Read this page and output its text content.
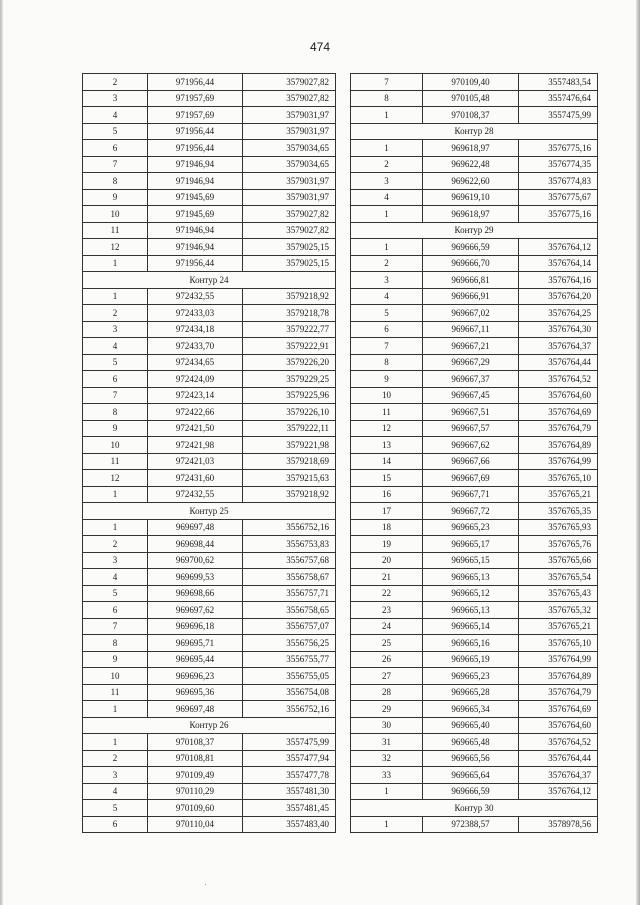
474
2	971956,44	3579027,82
3	971957,69	3579027,82
4	971957,69	3579031,97
5	971956,44	3579031,97
6	971956,44	3579034,65
7	971946,94	3579034,65
8	971946,94	3579031,97
9	971945,69	3579031,97
10	971945,69	3579027,82
11	971946,94	3579027,82
12	971946,94	3579025,15
1	971956,44	3579025,15
Контур 24		
1	972432,55	3579218,92
2	972433,03	3579218,78
3	972434,18	3579222,77
4	972433,70	3579222,91
5	972434,65	3579226,20
6	972424,09	3579229,25
7	972423,14	3579225,96
8	972422,66	3579226,10
9	972421,50	3579222,11
10	972421,98	3579221,98
11	972421,03	3579218,69
12	972431,60	3579215,63
1	972432,55	3579218,92
Контур 25		
1	969697,48	3556752,16
2	969698,44	3556753,83
3	969700,62	3556757,68
4	969699,53	3556758,67
5	969698,66	3556757,71
6	969697,62	3556758,65
7	969696,18	3556757,07
8	969695,71	3556756,25
9	969695,44	3556755,77
10	969696,23	3556755,05
11	969695,36	3556754,08
1	969697,48	3556752,16
Контур 26		
1	970108,37	3557475,99
2	970108,81	3557477,94
3	970109,49	3557477,78
4	970110,29	3557481,30
5	970109,60	3557481,45
6	970110,04	3557483,40
7	970109,40	3557483,54
8	970105,48	3557476,64
1	970108,37	3557475,99
Контур 28		
1	969618,97	3576775,16
2	969622,48	3576774,35
3	969622,60	3576774,83
4	969619,10	3576775,67
1	969618,97	3576775,16
Контур 29		
1	969666,59	3576764,12
2	969666,70	3576764,14
3	969666,81	3576764,16
4	969666,91	3576764,20
5	969667,02	3576764,25
6	969667,11	3576764,30
7	969667,21	3576764,37
8	969667,29	3576764,44
9	969667,37	3576764,52
10	969667,45	3576764,60
11	969667,51	3576764,69
12	969667,57	3576764,79
13	969667,62	3576764,89
14	969667,66	3576764,99
15	969667,69	3576765,10
16	969667,71	3576765,21
17	969667,72	3576765,35
18	969665,23	3576765,93
19	969665,17	3576765,76
20	969665,15	3576765,66
21	969665,13	3576765,54
22	969665,12	3576765,43
23	969665,13	3576765,32
24	969665,14	3576765,21
25	969665,16	3576765,10
26	969665,19	3576764,99
27	969665,23	3576764,89
28	969665,28	3576764,79
29	969665,34	3576764,69
30	969665,40	3576764,60
31	969665,48	3576764,52
32	969665,56	3576764,44
33	969665,64	3576764,37
1	969666,59	3576764,12
Контур 30		
1	972388,57	3578978,56
